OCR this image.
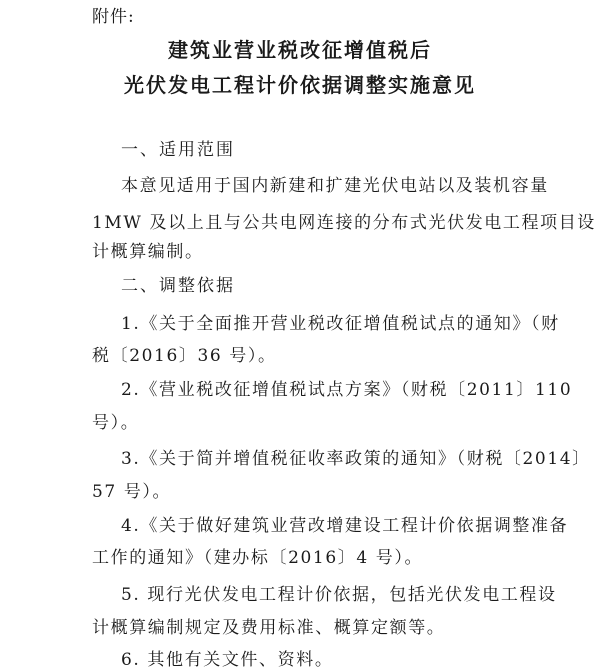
附件:
建筑业营业税改征增值税后
光伏发电工程计价依据调整实施意见
一、适用范围
本意见适用于国内新建和扩建光伏电站以及装机容量
1MW 及以上且与公共电网连接的分布式光伏发电工程项目设
计概算编制。
二、调整依据
1.《关于全面推开营业税改征增值税试点的通知》（财
税〔2016〕36 号）。
2.《营业税改征增值税试点方案》（财税〔2011〕110
号）。
3.《关于简并增值税征收率政策的通知》（财税〔2014〕
57 号）。
4.《关于做好建筑业营改增建设工程计价依据调整准备
工作的通知》（建办标〔2016〕4 号）。
5. 现行光伏发电工程计价依据，包括光伏发电工程设
计概算编制规定及费用标准、概算定额等。
6. 其他有关文件、资料。
